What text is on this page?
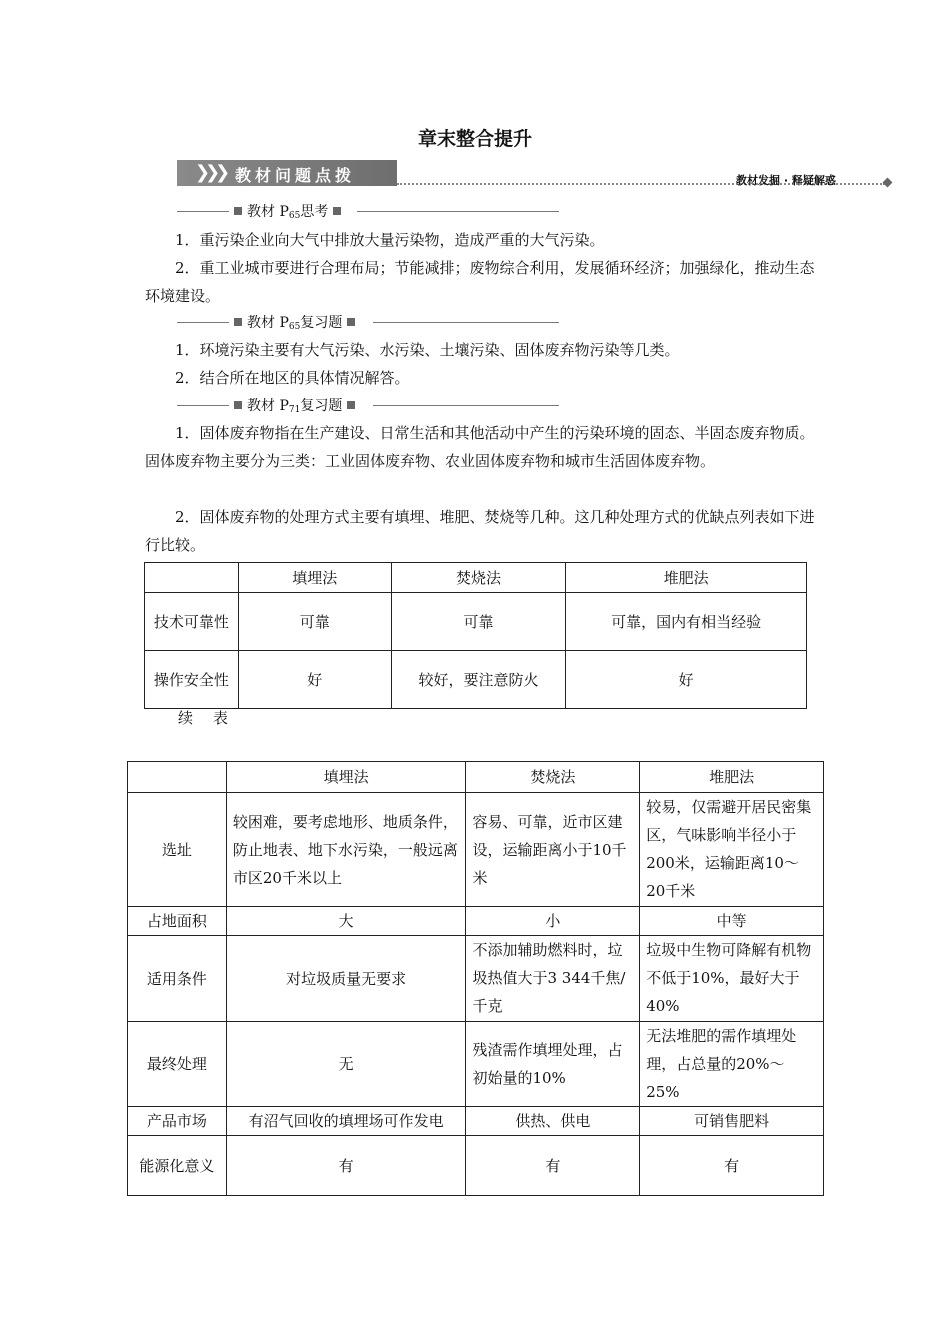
章末整合提升
❯❯❯ 教材问题点拨	教材发掘 · 释疑解惑
教材 $P_{65}$思考
1．重污染企业向大气中排放大量污染物，造成严重的大气污染。
2．重工业城市要进行合理布局；节能减排；废物综合利用，发展循环经济；加强绿化，推动生态环境建设。
教材 $P_{65}$复习题
1．环境污染主要有大气污染、水污染、土壤污染、固体废弃物污染等几类。
2．结合所在地区的具体情况解答。
教材 $P_{71}$复习题
1．固体废弃物指在生产建设、日常生活和其他活动中产生的污染环境的固态、半固态废弃物质。固体废弃物主要分为三类：工业固体废弃物、农业固体废弃物和城市生活固体废弃物。
2．固体废弃物的处理方式主要有填埋、堆肥、焚烧等几种。这几种处理方式的优缺点列表如下进行比较。
	填埋法	焚烧法	堆肥法
技术可靠性	可靠	可靠	可靠，国内有相当经验
操作安全性	好	较好，要注意防火	好
续表
	填埋法	焚烧法	堆肥法
选址	较困难，要考虑地形、地质条件，防止地表、地下水污染，一般远离市区20千米以上	容易、可靠，近市区建设，运输距离小于10千米	较易，仅需避开居民密集区，气味影响半径小于200米，运输距离10～20千米
占地面积	大	小	中等
适用条件	对垃圾质量无要求	不添加辅助燃料时，垃圾热值大于3 344千焦/千克	垃圾中生物可降解有机物不低于10%，最好大于40%
最终处理	无	残渣需作填埋处理，占初始量的10%	无法堆肥的需作填埋处理，占总量的20%～25%
产品市场	有沼气回收的填埋场可作发电	供热、供电	可销售肥料
能源化意义	有	有	有
